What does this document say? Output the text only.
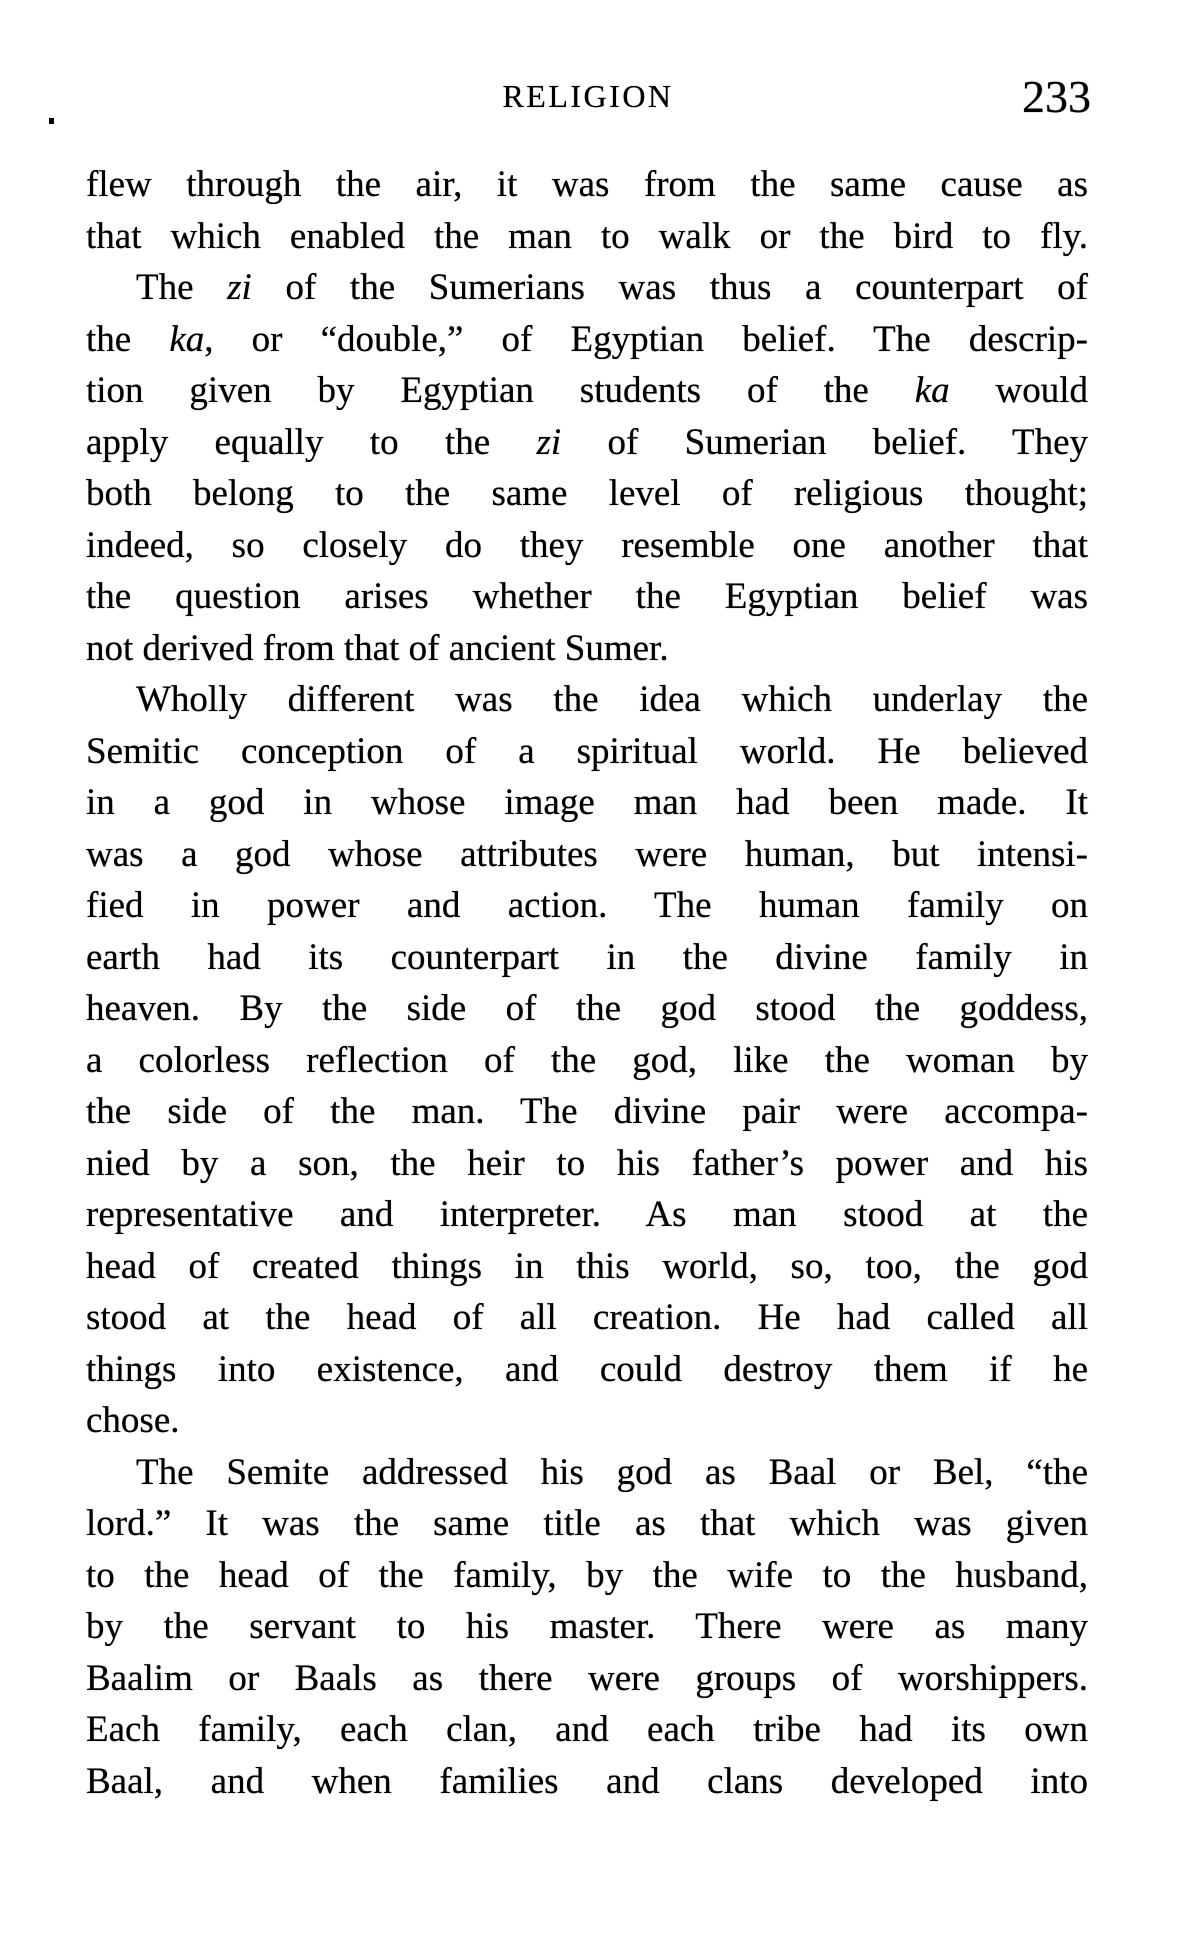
RELIGION	233
flew through the air, it was from the same cause as
that which enabled the man to walk or the bird to fly.
The zi of the Sumerians was thus a counterpart of
the ka, or “double,” of Egyptian belief. The descrip-
tion given by Egyptian students of the ka would
apply equally to the zi of Sumerian belief. They
both belong to the same level of religious thought;
indeed, so closely do they resemble one another that
the question arises whether the Egyptian belief was
not derived from that of ancient Sumer.
Wholly different was the idea which underlay the
Semitic conception of a spiritual world. He believed
in a god in whose image man had been made. It
was a god whose attributes were human, but intensi-
fied in power and action. The human family on
earth had its counterpart in the divine family in
heaven. By the side of the god stood the goddess,
a colorless reflection of the god, like the woman by
the side of the man. The divine pair were accompa-
nied by a son, the heir to his father’s power and his
representative and interpreter. As man stood at the
head of created things in this world, so, too, the god
stood at the head of all creation. He had called all
things into existence, and could destroy them if he
chose.
The Semite addressed his god as Baal or Bel, “the
lord.” It was the same title as that which was given
to the head of the family, by the wife to the husband,
by the servant to his master. There were as many
Baalim or Baals as there were groups of worshippers.
Each family, each clan, and each tribe had its own
Baal, and when families and clans developed into
